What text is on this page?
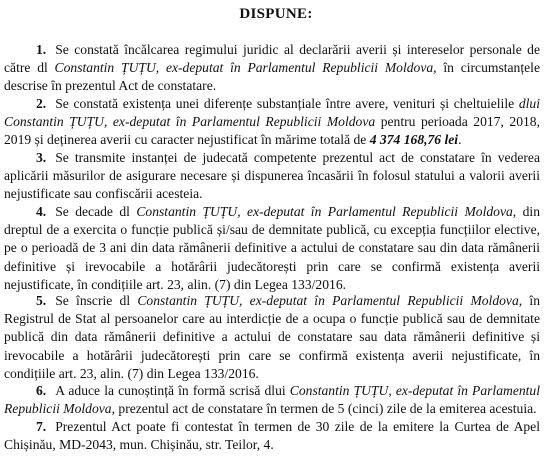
DISPUNE:

1. Se constată încălcarea regimului juridic al declarării averii și intereselor personale de către dl Constantin ȚUȚU, ex-deputat în Parlamentul Republicii Moldova, în circumstanțele descrise în prezentul Act de constatare.

2. Se constată existența unei diferențe substanțiale între avere, venituri și cheltuielile dlui Constantin ȚUȚU, ex-deputat în Parlamentul Republicii Moldova pentru perioada 2017, 2018, 2019 și deținerea averii cu caracter nejustificat în mărime totală de 4 374 168,76 lei.

3. Se transmite instanței de judecată competente prezentul act de constatare în vederea aplicării măsurilor de asigurare necesare și dispunerea încasării în folosul statului a valorii averii nejustificate sau confiscării acesteia.

4. Se decade dl Constantin ȚUȚU, ex-deputat în Parlamentul Republicii Moldova, din dreptul de a exercita o funcție publică și/sau de demnitate publică, cu excepția funcțiilor elective, pe o perioadă de 3 ani din data rămânerii definitive a actului de constatare sau din data rămânerii definitive și irevocabile a hotărârii judecătorești prin care se confirmă existența averii nejustificate, în condițiile art. 23, alin. (7) din Legea 133/2016.

5. Se înscrie dl Constantin ȚUȚU, ex-deputat în Parlamentul Republicii Moldova, în Registrul de Stat al persoanelor care au interdicție de a ocupa o funcție publică sau de demnitate publică din data rămânerii definitive a actului de constatare sau data rămânerii definitive și irevocabile a hotărârii judecătorești prin care se confirmă existența averii nejustificate, în condițiile art. 23, alin. (7) din Legea 133/2016.

6. A aduce la cunoștință în formă scrisă dlui Constantin ȚUȚU, ex-deputat în Parlamentul Republicii Moldova, prezentul act de constatare în termen de 5 (cinci) zile de la emiterea acestuia.

7. Prezentul Act poate fi contestat în termen de 30 zile de la emitere la Curtea de Apel Chișinău, MD-2043, mun. Chișinău, str. Teilor, 4.
